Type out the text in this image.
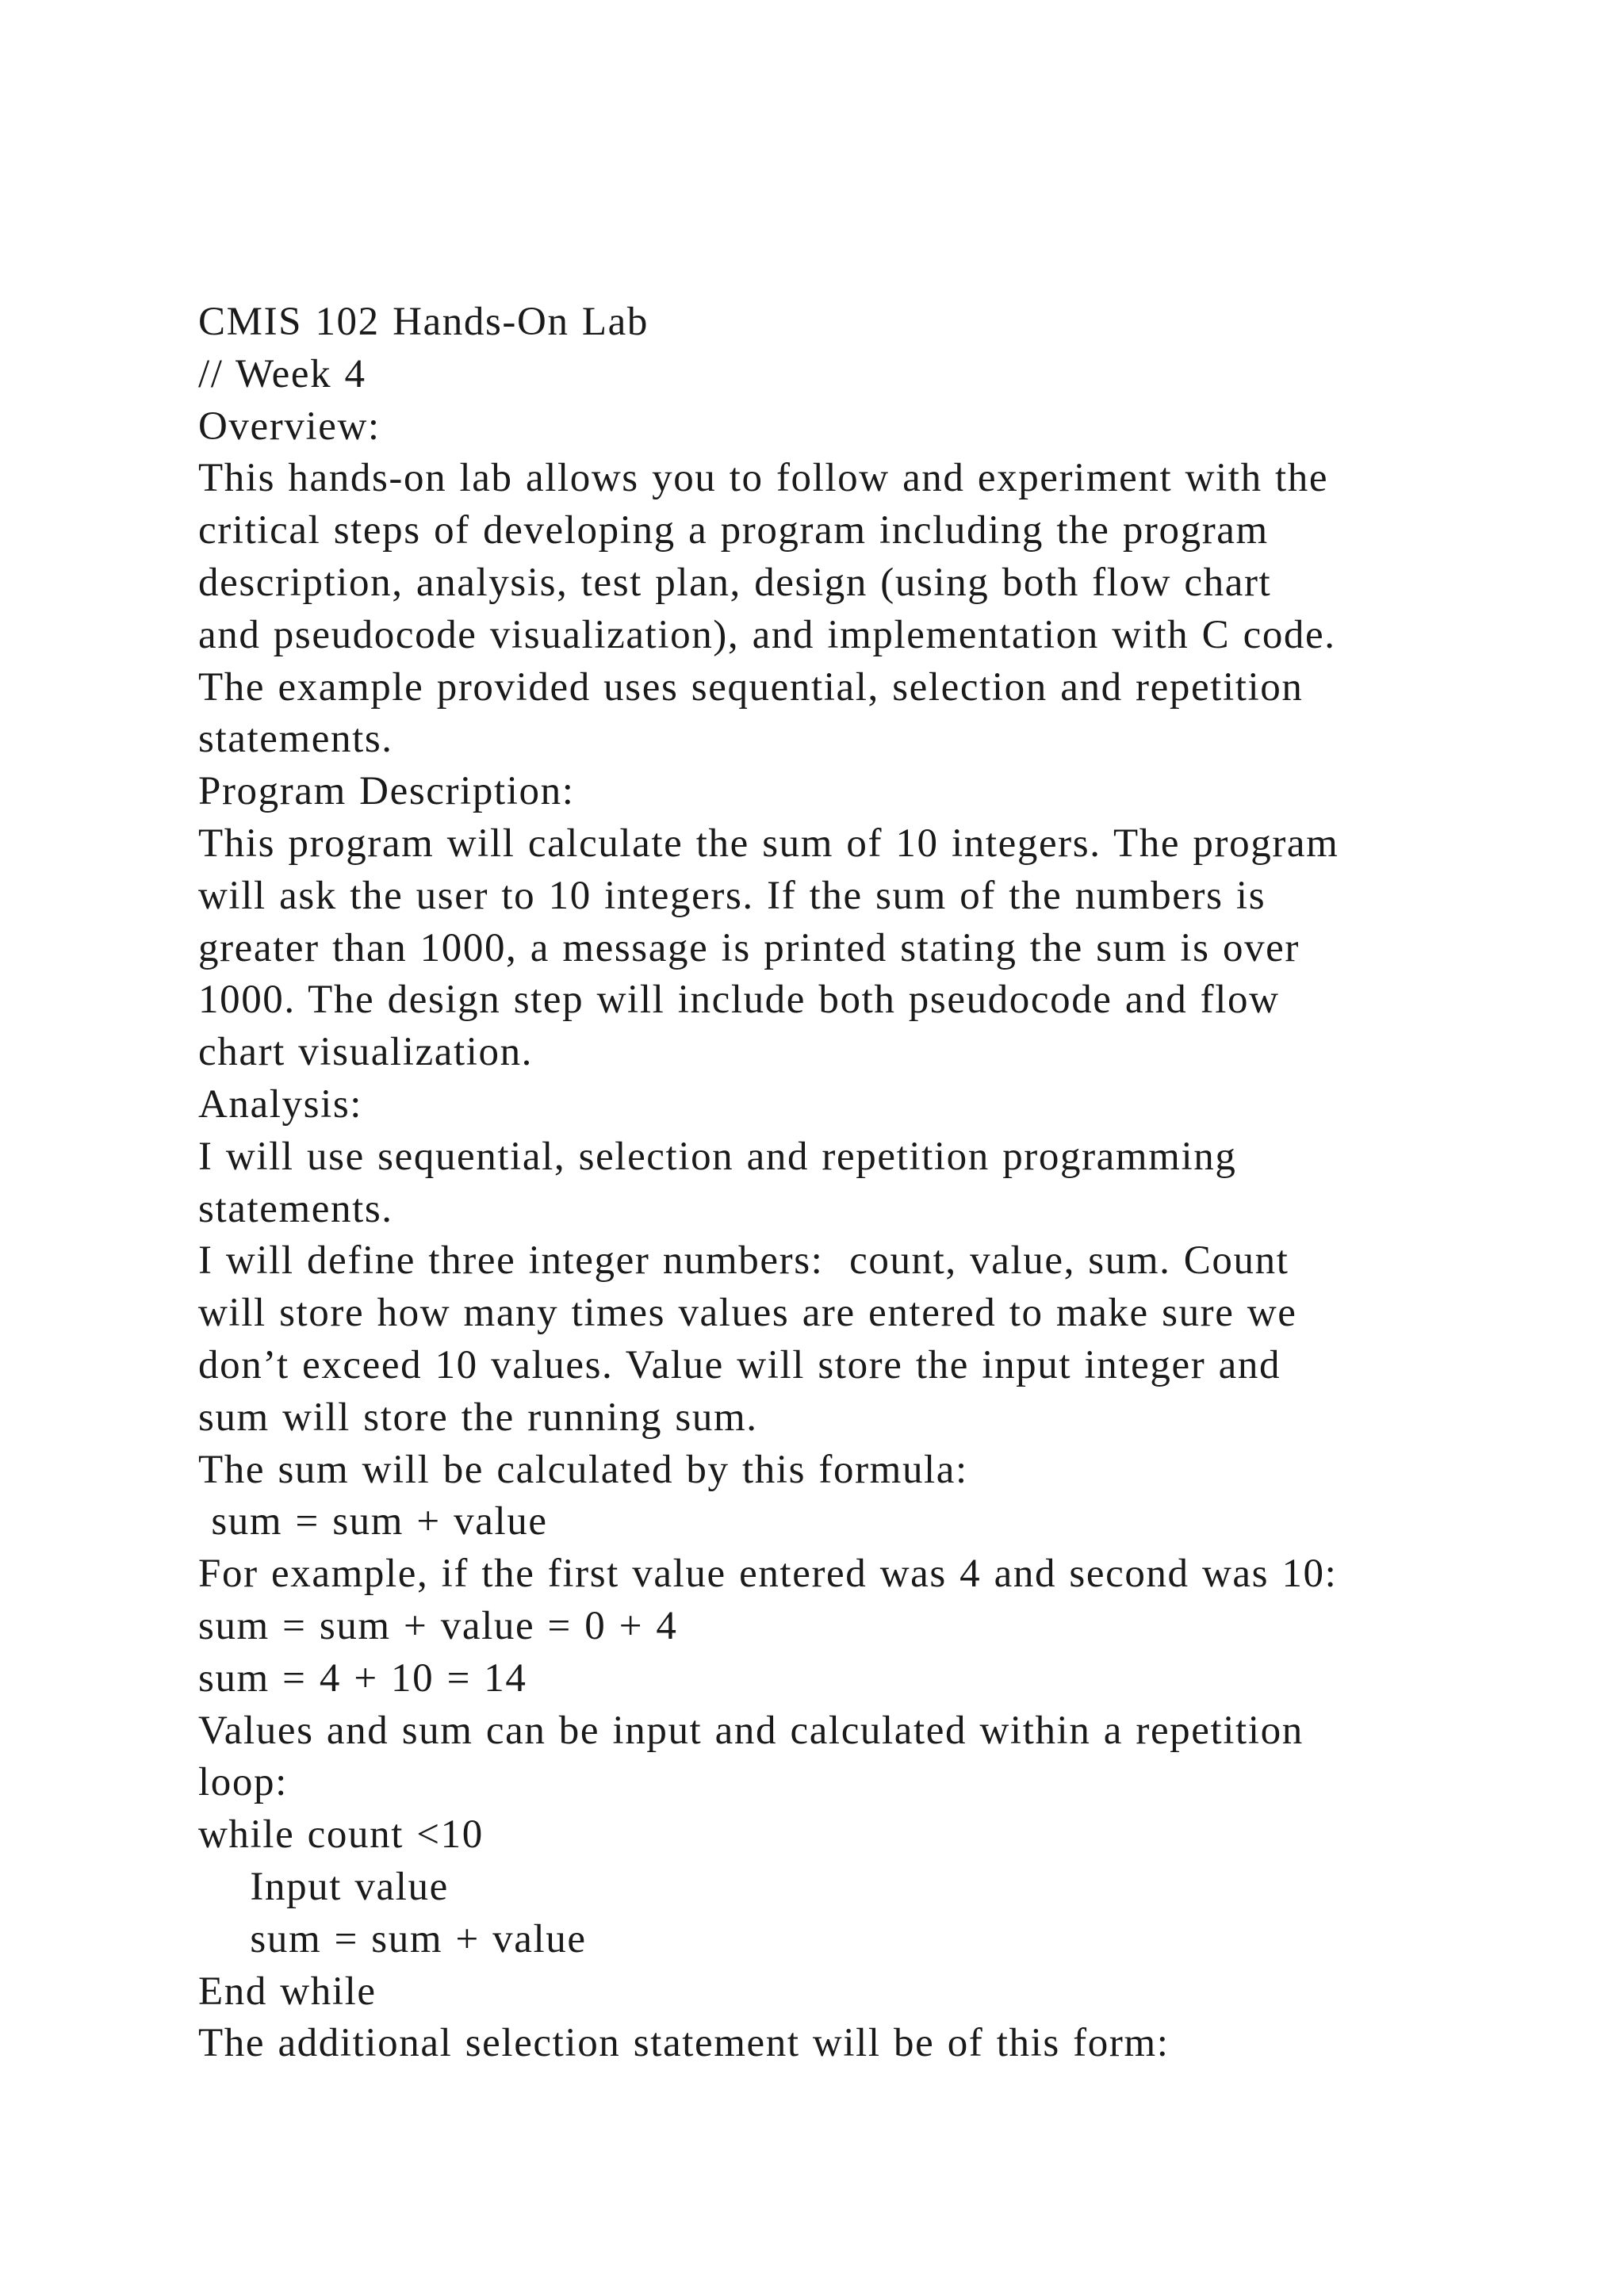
CMIS 102 Hands-On Lab
// Week 4
Overview:
This hands-on lab allows you to follow and experiment with the
critical steps of developing a program including the program
description, analysis, test plan, design (using both flow chart
and pseudocode visualization), and implementation with C code.
The example provided uses sequential, selection and repetition
statements.
Program Description:
This program will calculate the sum of 10 integers. The program
will ask the user to 10 integers. If the sum of the numbers is
greater than 1000, a message is printed stating the sum is over
1000. The design step will include both pseudocode and flow
chart visualization.
Analysis:
I will use sequential, selection and repetition programming
statements.
I will define three integer numbers:  count, value, sum. Count
will store how many times values are entered to make sure we
don’t exceed 10 values. Value will store the input integer and
sum will store the running sum.
The sum will be calculated by this formula:
sum = sum + value
For example, if the first value entered was 4 and second was 10:
sum = sum + value = 0 + 4
sum = 4 + 10 = 14
Values and sum can be input and calculated within a repetition
loop:
while count <10
Input value
sum = sum + value
End while
The additional selection statement will be of this form:
